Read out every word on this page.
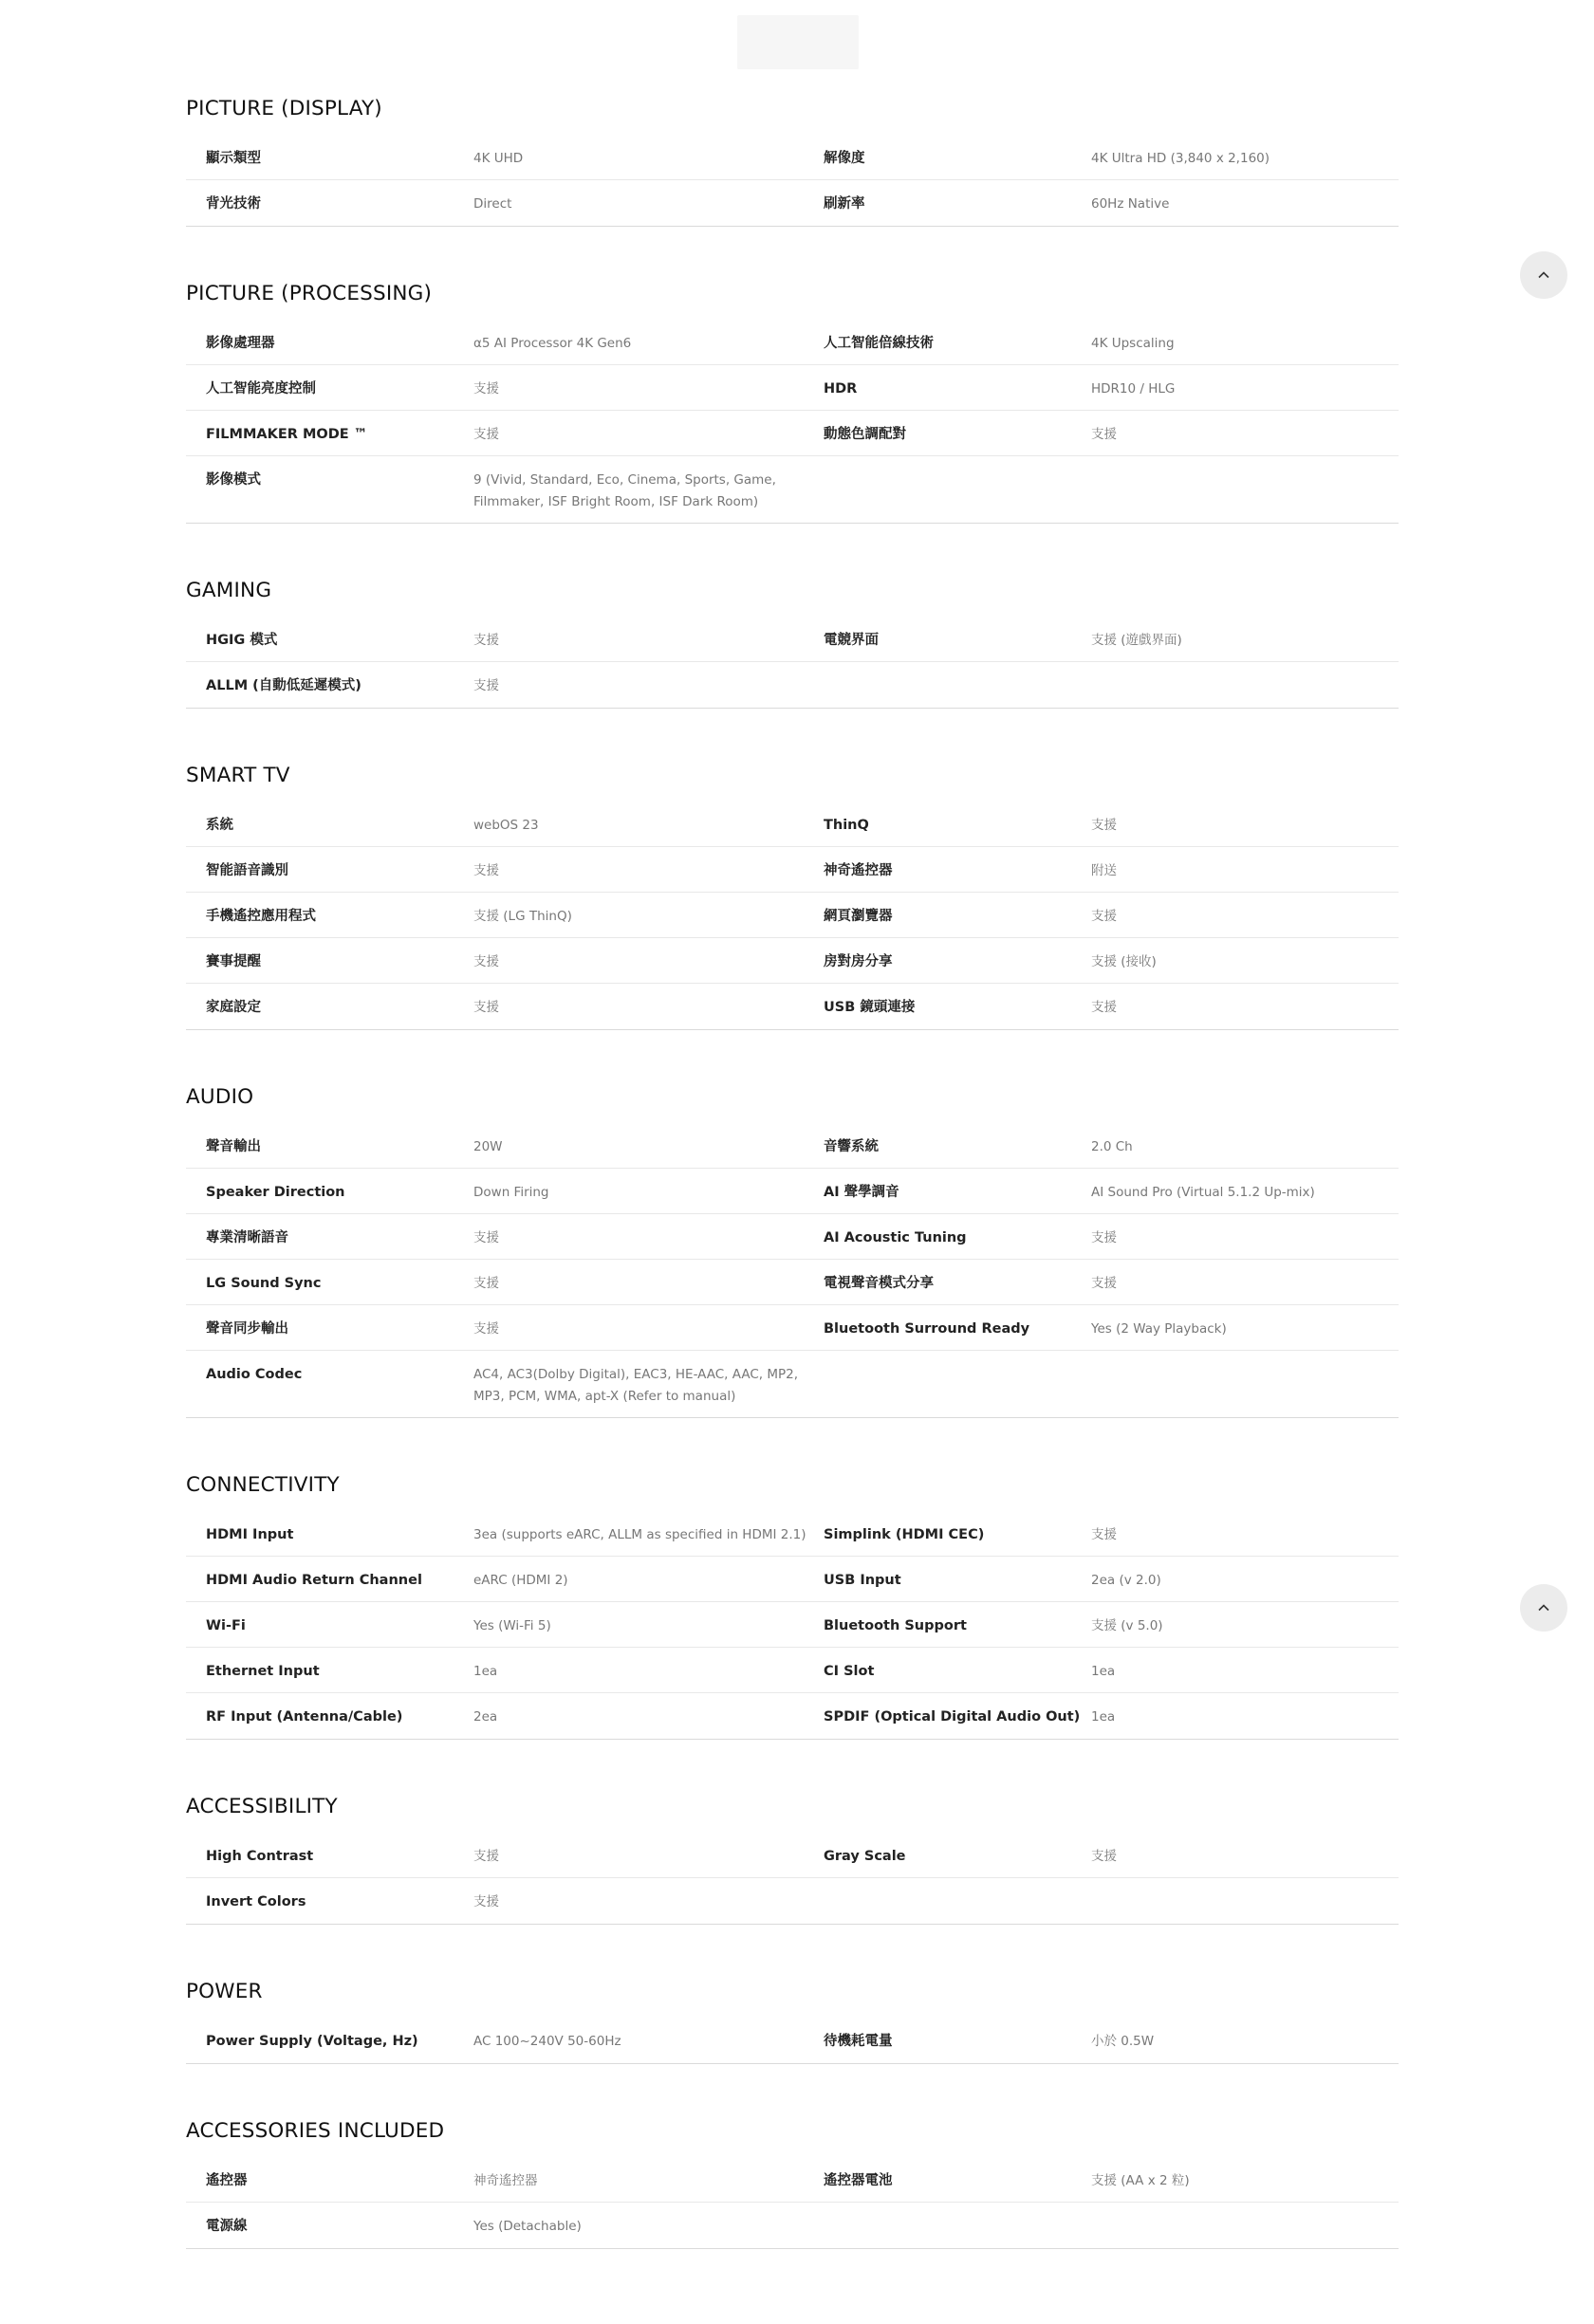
PICTURE (DISPLAY)
顯示類型	4K UHD	解像度	4K Ultra HD (3,840 x 2,160)
背光技術	Direct	刷新率	60Hz Native
PICTURE (PROCESSING)
影像處理器	α5 AI Processor 4K Gen6	人工智能倍線技術	4K Upscaling
人工智能亮度控制	支援	HDR	HDR10 / HLG
FILMMAKER MODE ™	支援	動態色調配對	支援
影像模式	9 (Vivid, Standard, Eco, Cinema, Sports, Game, Filmmaker, ISF Bright Room, ISF Dark Room)
GAMING
HGIG 模式	支援	電競界面	支援 (遊戲界面)
ALLM (自動低延遲模式)	支援
SMART TV
系統	webOS 23	ThinQ	支援
智能語音識別	支援	神奇遙控器	附送
手機遙控應用程式	支援 (LG ThinQ)	網頁瀏覽器	支援
賽事提醒	支援	房對房分享	支援 (接收)
家庭設定	支援	USB 鏡頭連接	支援
AUDIO
聲音輸出	20W	音響系統	2.0 Ch
Speaker Direction	Down Firing	AI 聲學調音	AI Sound Pro (Virtual 5.1.2 Up-mix)
專業清晰語音	支援	AI Acoustic Tuning	支援
LG Sound Sync	支援	電視聲音模式分享	支援
聲音同步輸出	支援	Bluetooth Surround Ready	Yes (2 Way Playback)
Audio Codec	AC4, AC3(Dolby Digital), EAC3, HE-AAC, AAC, MP2, MP3, PCM, WMA, apt-X (Refer to manual)
CONNECTIVITY
HDMI Input	3ea (supports eARC, ALLM as specified in HDMI 2.1)	Simplink (HDMI CEC)	支援
HDMI Audio Return Channel	eARC (HDMI 2)	USB Input	2ea (v 2.0)
Wi-Fi	Yes (Wi-Fi 5)	Bluetooth Support	支援 (v 5.0)
Ethernet Input	1ea	CI Slot	1ea
RF Input (Antenna/Cable)	2ea	SPDIF (Optical Digital Audio Out) 1ea
ACCESSIBILITY
High Contrast	支援	Gray Scale	支援
Invert Colors	支援
POWER
Power Supply (Voltage, Hz)	AC 100~240V 50-60Hz	待機耗電量	小於 0.5W
ACCESSORIES INCLUDED
遙控器	神奇遙控器	遙控器電池	支援 (AA x 2 粒)
電源線	Yes (Detachable)
